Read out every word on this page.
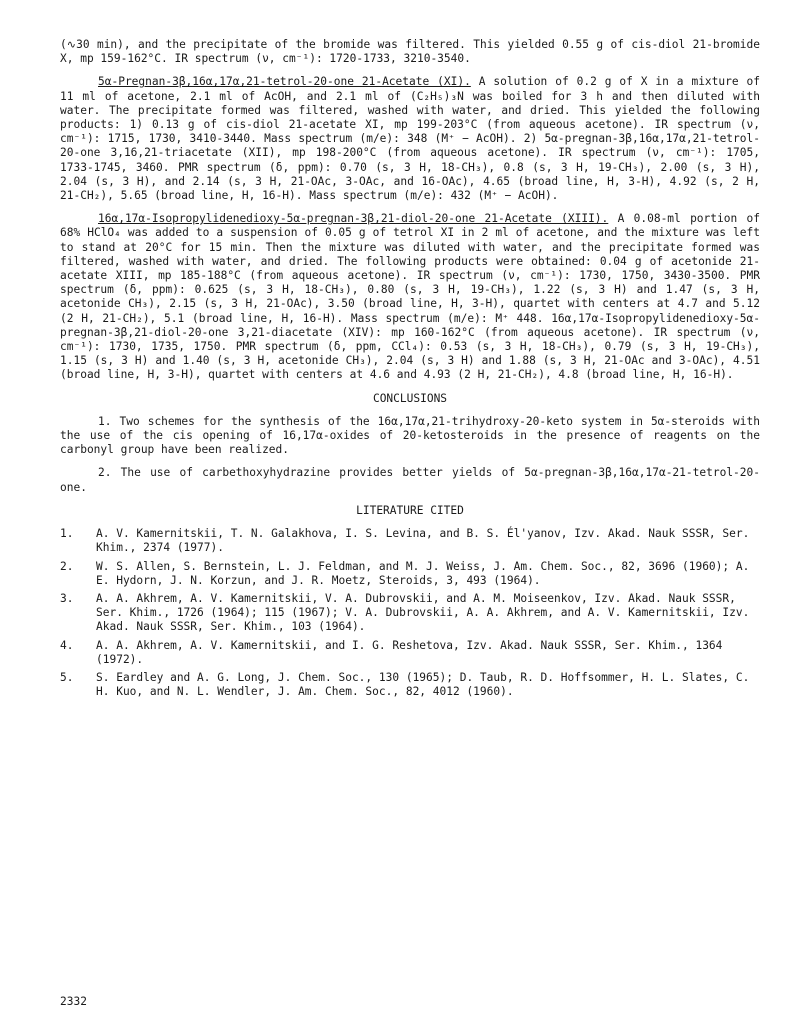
(∿30 min), and the precipitate of the bromide was filtered. This yielded 0.55 g of cis-diol 21-bromide X, mp 159-162°C. IR spectrum (ν, cm⁻¹): 1720-1733, 3210-3540.

5α-Pregnan-3β,16α,17α,21-tetrol-20-one 21-Acetate (XI). A solution of 0.2 g of X in a mixture of 11 ml of acetone, 2.1 ml of AcOH, and 2.1 ml of (C₂H₅)₃N was boiled for 3 h and then diluted with water. The precipitate formed was filtered, washed with water, and dried. This yielded the following products: 1) 0.13 g of cis-diol 21-acetate XI, mp 199-203°C (from aqueous acetone). IR spectrum (ν, cm⁻¹): 1715, 1730, 3410-3440. Mass spectrum (m/e): 348 (M⁺ − AcOH). 2) 5α-pregnan-3β,16α,17α,21-tetrol-20-one 3,16,21-triacetate (XII), mp 198-200°C (from aqueous acetone). IR spectrum (ν, cm⁻¹): 1705, 1733-1745, 3460. PMR spectrum (δ, ppm): 0.70 (s, 3 H, 18-CH₃), 0.8 (s, 3 H, 19-CH₃), 2.00 (s, 3 H), 2.04 (s, 3 H), and 2.14 (s, 3 H, 21-OAc, 3-OAc, and 16-OAc), 4.65 (broad line, H, 3-H), 4.92 (s, 2 H, 21-CH₂), 5.65 (broad line, H, 16-H). Mass spectrum (m/e): 432 (M⁺ − AcOH).

16α,17α-Isopropylidenedioxy-5α-pregnan-3β,21-diol-20-one 21-Acetate (XIII). A 0.08-ml portion of 68% HClO₄ was added to a suspension of 0.05 g of tetrol XI in 2 ml of acetone, and the mixture was left to stand at 20°C for 15 min. Then the mixture was diluted with water, and the precipitate formed was filtered, washed with water, and dried. The following products were obtained: 0.04 g of acetonide 21-acetate XIII, mp 185-188°C (from aqueous acetone). IR spectrum (ν, cm⁻¹): 1730, 1750, 3430-3500. PMR spectrum (δ, ppm): 0.625 (s, 3 H, 18-CH₃), 0.80 (s, 3 H, 19-CH₃), 1.22 (s, 3 H) and 1.47 (s, 3 H, acetonide CH₃), 2.15 (s, 3 H, 21-OAc), 3.50 (broad line, H, 3-H), quartet with centers at 4.7 and 5.12 (2 H, 21-CH₂), 5.1 (broad line, H, 16-H). Mass spectrum (m/e): M⁺ 448. 16α,17α-Isopropylidenedioxy-5α-pregnan-3β,21-diol-20-one 3,21-diacetate (XIV): mp 160-162°C (from aqueous acetone). IR spectrum (ν, cm⁻¹): 1730, 1735, 1750. PMR spectrum (δ, ppm, CCl₄): 0.53 (s, 3 H, 18-CH₃), 0.79 (s, 3 H, 19-CH₃), 1.15 (s, 3 H) and 1.40 (s, 3 H, acetonide CH₃), 2.04 (s, 3 H) and 1.88 (s, 3 H, 21-OAc and 3-OAc), 4.51 (broad line, H, 3-H), quartet with centers at 4.6 and 4.93 (2 H, 21-CH₂), 4.8 (broad line, H, 16-H).

CONCLUSIONS

1. Two schemes for the synthesis of the 16α,17α,21-trihydroxy-20-keto system in 5α-steroids with the use of the cis opening of 16,17α-oxides of 20-ketosteroids in the presence of reagents on the carbonyl group have been realized.

2. The use of carbethoxyhydrazine provides better yields of 5α-pregnan-3β,16α,17α-21-tetrol-20-one.

LITERATURE CITED
1.	A. V. Kamernitskii, T. N. Galakhova, I. S. Levina, and B. S. Él'yanov, Izv. Akad. Nauk SSSR, Ser. Khim., 2374 (1977).
2.	W. S. Allen, S. Bernstein, L. J. Feldman, and M. J. Weiss, J. Am. Chem. Soc., 82, 3696 (1960); A. E. Hydorn, J. N. Korzun, and J. R. Moetz, Steroids, 3, 493 (1964).
3.	A. A. Akhrem, A. V. Kamernitskii, V. A. Dubrovskii, and A. M. Moiseenkov, Izv. Akad. Nauk SSSR, Ser. Khim., 1726 (1964); 115 (1967); V. A. Dubrovskii, A. A. Akhrem, and A. V. Kamernitskii, Izv. Akad. Nauk SSSR, Ser. Khim., 103 (1964).
4.	A. A. Akhrem, A. V. Kamernitskii, and I. G. Reshetova, Izv. Akad. Nauk SSSR, Ser. Khim., 1364 (1972).
5.	S. Eardley and A. G. Long, J. Chem. Soc., 130 (1965); D. Taub, R. D. Hoffsommer, H. L. Slates, C. H. Kuo, and N. L. Wendler, J. Am. Chem. Soc., 82, 4012 (1960).
2332
